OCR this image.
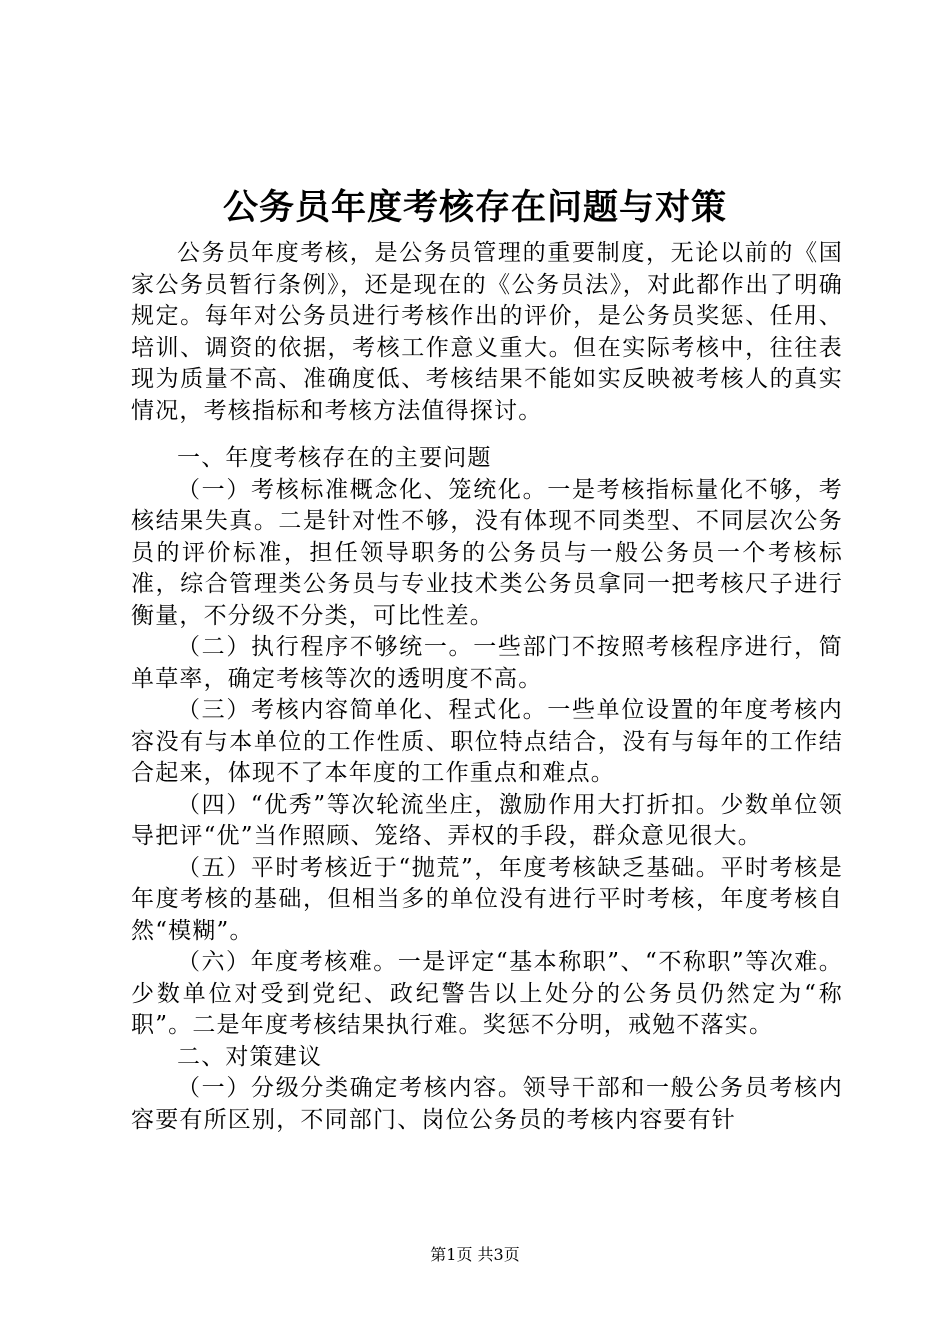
公务员年度考核存在问题与对策

公务员年度考核，是公务员管理的重要制度，无论以前的《国家公务员暂行条例》，还是现在的《公务员法》，对此都作出了明确规定。每年对公务员进行考核作出的评价，是公务员奖惩、任用、培训、调资的依据，考核工作意义重大。但在实际考核中，往往表现为质量不高、准确度低、考核结果不能如实反映被考核人的真实情况，考核指标和考核方法值得探讨。

一、年度考核存在的主要问题

（一）考核标准概念化、笼统化。一是考核指标量化不够，考核结果失真。二是针对性不够，没有体现不同类型、不同层次公务员的评价标准，担任领导职务的公务员与一般公务员一个考核标准，综合管理类公务员与专业技术类公务员拿同一把考核尺子进行衡量，不分级不分类，可比性差。

（二）执行程序不够统一。一些部门不按照考核程序进行，简单草率，确定考核等次的透明度不高。

（三）考核内容简单化、程式化。一些单位设置的年度考核内容没有与本单位的工作性质、职位特点结合，没有与每年的工作结合起来，体现不了本年度的工作重点和难点。

（四）“优秀”等次轮流坐庄，激励作用大打折扣。少数单位领导把评“优”当作照顾、笼络、弄权的手段，群众意见很大。

（五）平时考核近于“抛荒”，年度考核缺乏基础。平时考核是年度考核的基础，但相当多的单位没有进行平时考核，年度考核自然“模糊”。

（六）年度考核难。一是评定“基本称职”、“不称职”等次难。少数单位对受到党纪、政纪警告以上处分的公务员仍然定为“称职”。二是年度考核结果执行难。奖惩不分明，戒勉不落实。

二、对策建议

（一）分级分类确定考核内容。领导干部和一般公务员考核内容要有所区别，不同部门、岗位公务员的考核内容要有针

第1页 共3页
